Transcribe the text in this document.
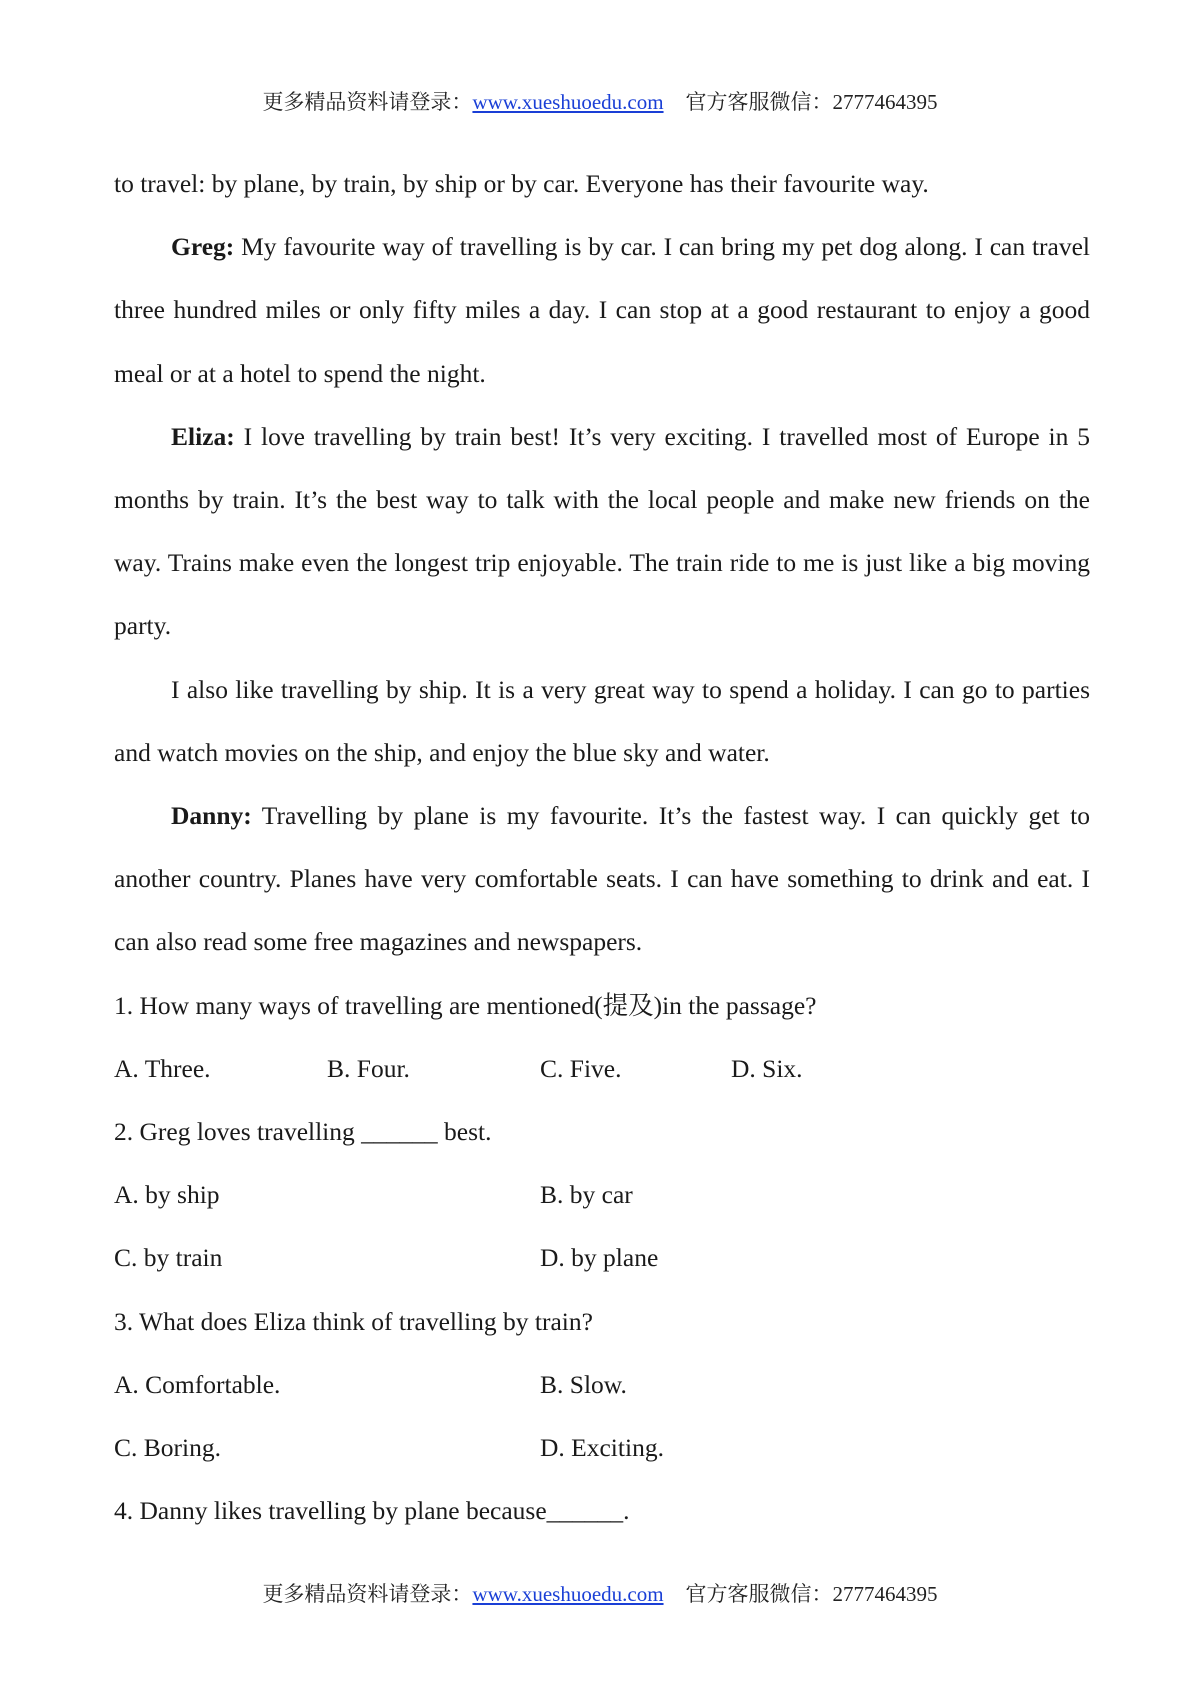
更多精品资料请登录：www.xueshuoedu.com 官方客服微信：2777464395

to travel: by plane, by train, by ship or by car. Everyone has their favourite way.

Greg: My favourite way of travelling is by car. I can bring my pet dog along. I can travel three hundred miles or only fifty miles a day. I can stop at a good restaurant to enjoy a good meal or at a hotel to spend the night.

Eliza: I love travelling by train best! It’s very exciting. I travelled most of Europe in 5 months by train. It’s the best way to talk with the local people and make new friends on the way. Trains make even the longest trip enjoyable. The train ride to me is just like a big moving party.

I also like travelling by ship. It is a very great way to spend a holiday. I can go to parties and watch movies on the ship, and enjoy the blue sky and water.

Danny: Travelling by plane is my favourite. It’s the fastest way. I can quickly get to another country. Planes have very comfortable seats. I can have something to drink and eat. I can also read some free magazines and newspapers.

1. How many ways of travelling are mentioned(提及)in the passage?
A. Three.	B. Four.	C. Five.	D. Six.
2. Greg loves travelling ______ best.
A. by ship	B. by car
C. by train	D. by plane
3. What does Eliza think of travelling by train?
A. Comfortable.	B. Slow.
C. Boring.	D. Exciting.
4. Danny likes travelling by plane because______.
更多精品资料请登录：www.xueshuoedu.com 官方客服微信：2777464395
